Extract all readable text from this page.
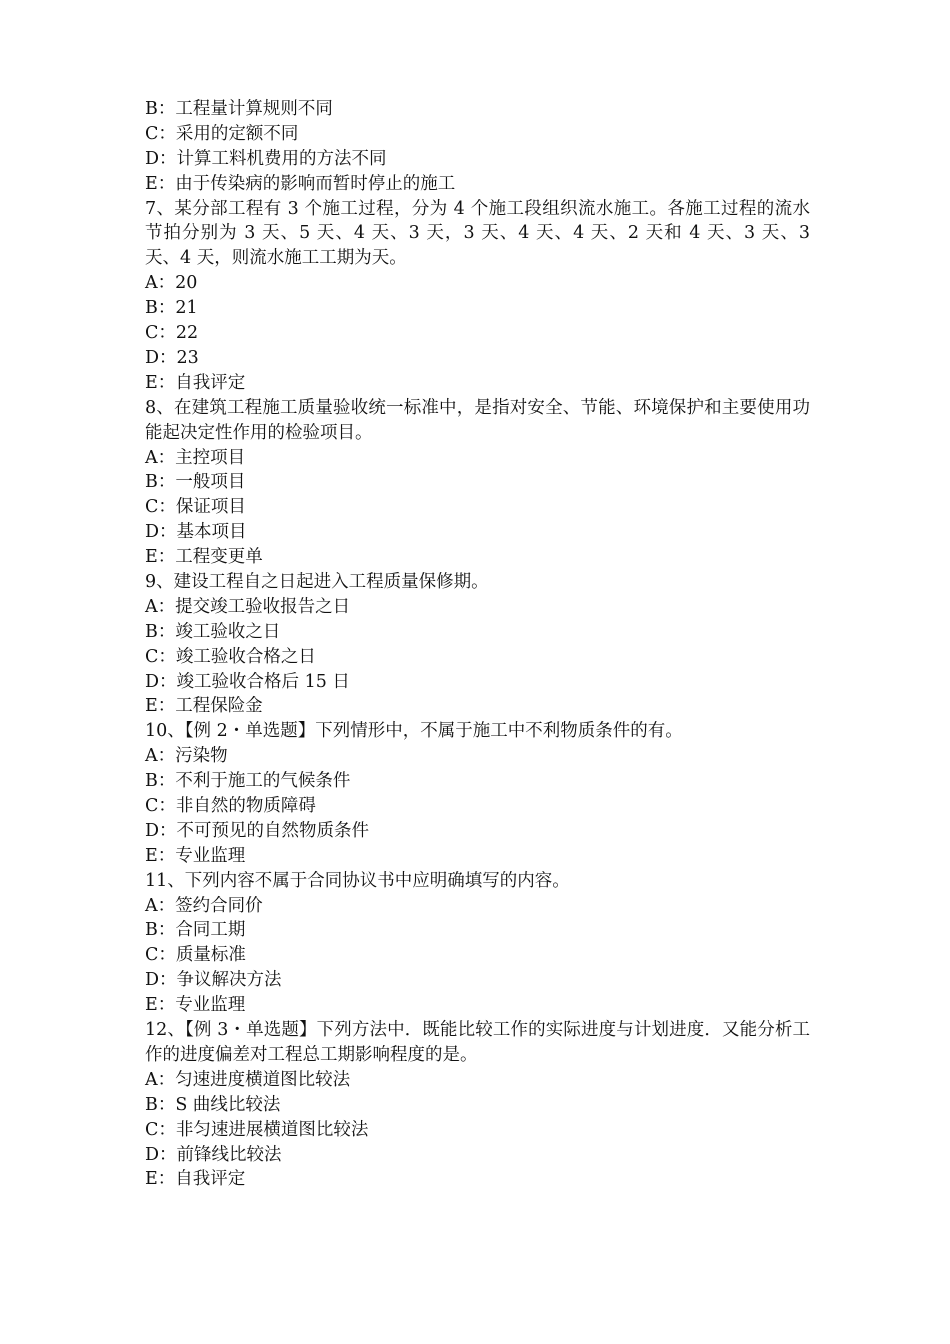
B：工程量计算规则不同
C：采用的定额不同
D：计算工料机费用的方法不同
E：由于传染病的影响而暂时停止的施工
7、某分部工程有 3 个施工过程，分为 4 个施工段组织流水施工。各施工过程的流水节拍分别为 3 天、5 天、4 天、3 天，3 天、4 天、4 天、2 天和 4 天、3 天、3 天、4 天，则流水施工工期为天。
A：20
B：21
C：22
D：23
E：自我评定
8、在建筑工程施工质量验收统一标准中，是指对安全、节能、环境保护和主要使用功能起决定性作用的检验项目。
A：主控项目
B：一般项目
C：保证项目
D：基本项目
E：工程变更单
9、建设工程自之日起进入工程质量保修期。
A：提交竣工验收报告之日
B：竣工验收之日
C：竣工验收合格之日
D：竣工验收合格后 15 日
E：工程保险金
10、【例 2・单选题】下列情形中，不属于施工中不利物质条件的有。
A：污染物
B：不利于施工的气候条件
C：非自然的物质障碍
D：不可预见的自然物质条件
E：专业监理
11、下列内容不属于合同协议书中应明确填写的内容。
A：签约合同价
B：合同工期
C：质量标准
D：争议解决方法
E：专业监理
12、【例 3・单选题】下列方法中．既能比较工作的实际进度与计划进度．又能分析工作的进度偏差对工程总工期影响程度的是。
A：匀速进度横道图比较法
B：S 曲线比较法
C：非匀速进展横道图比较法
D：前锋线比较法
E：自我评定
